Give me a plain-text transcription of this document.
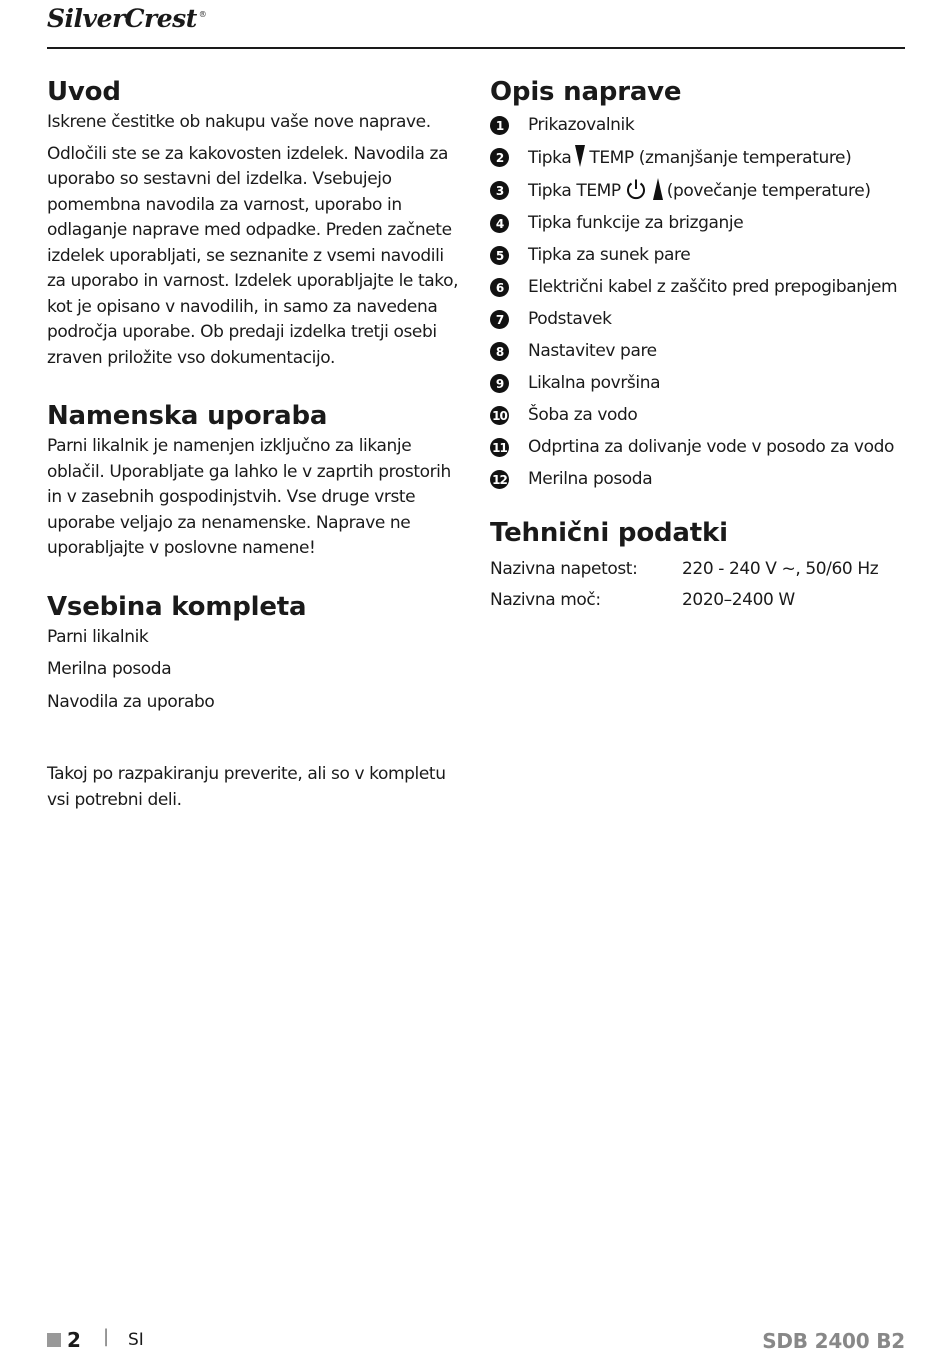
SilverCrest ®
Uvod

Iskrene čestitke ob nakupu vaše nove naprave.

Odločili ste se za kakovosten izdelek. Navodila za uporabo so sestavni del izdelka. Vsebujejo pomembna navodila za varnost, uporabo in odlaganje naprave med odpadke. Preden začnete izdelek uporabljati, se seznanite z vsemi navodili za uporabo in varnost. Izdelek uporabljajte le tako, kot je opisano v navodilih, in samo za navedena področja uporabe. Ob predaji izdelka tretji osebi zraven priložite vso dokumentacijo.

Namenska uporaba

Parni likalnik je namenjen izključno za likanje oblačil. Uporabljate ga lahko le v zaprtih prostorih in v zasebnih gospodinjstvih. Vse druge vrste uporabe veljajo za nenamenske. Naprave ne uporabljajte v poslovne namene!

Vsebina kompleta

Parni likalnik

Merilna posoda

Navodila za uporabo

Takoj po razpakiranju preverite, ali so v kompletu vsi potrebni deli.

Opis naprave
1	Prikazovalnik
2	Tipka TEMP (zmanjšanje temperature)
3	Tipka TEMP	(povečanje temperature)
4	Tipka funkcije za brizganje
5	Tipka za sunek pare
6	Električni kabel z zaščito pred prepogibanjem
7	Podstavek
8	Nastavitev pare
9	Likalna površina
10 Šoba za vodo
11 Odprtina za dolivanje vode v posodo za vodo
12 Merilna posoda
Tehnični podatki
Nazivna napetost:	220 - 240 V ~, 50/60 Hz
Nazivna moč:	2020–2400 W
2 | SI	SDB 2400 B2
